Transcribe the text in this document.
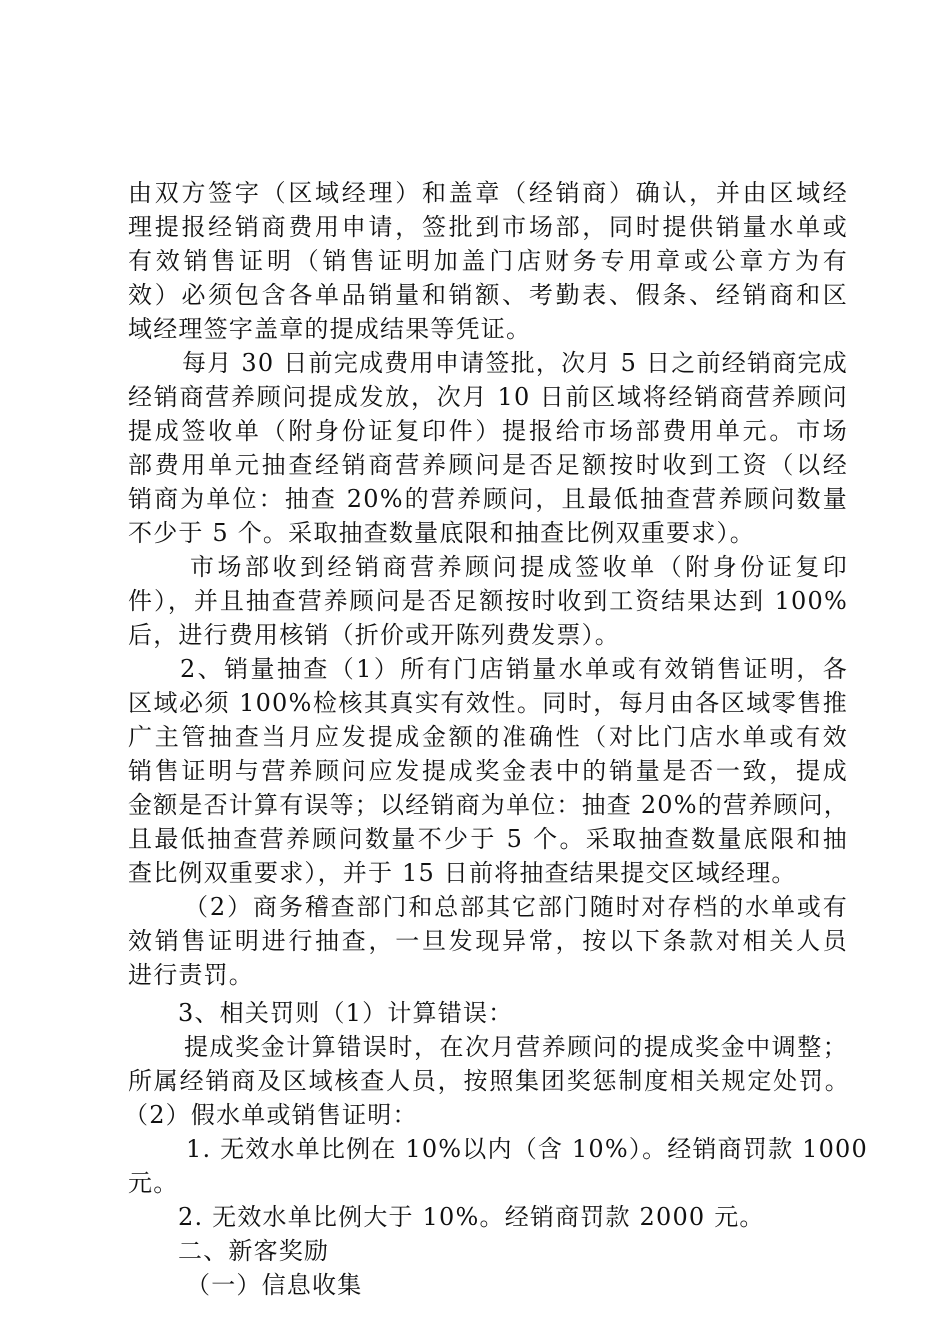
由双方签字（区域经理）和盖章（经销商）确认，并由区域经
理提报经销商费用申请，签批到市场部，同时提供销量水单或
有效销售证明（销售证明加盖门店财务专用章或公章方为有
效）必须包含各单品销量和销额、考勤表、假条、经销商和区
域经理签字盖章的提成结果等凭证。
每月 30 日前完成费用申请签批，次月 5 日之前经销商完成
经销商营养顾问提成发放，次月 10 日前区域将经销商营养顾问
提成签收单（附身份证复印件）提报给市场部费用单元。市场
部费用单元抽查经销商营养顾问是否足额按时收到工资（以经
销商为单位：抽查 20%的营养顾问，且最低抽查营养顾问数量
不少于 5 个。采取抽查数量底限和抽查比例双重要求）。
市场部收到经销商营养顾问提成签收单（附身份证复印
件），并且抽查营养顾问是否足额按时收到工资结果达到 100%
后，进行费用核销（折价或开陈列费发票）。
2、销量抽查（1）所有门店销量水单或有效销售证明，各
区域必须 100%检核其真实有效性。同时，每月由各区域零售推
广主管抽查当月应发提成金额的准确性（对比门店水单或有效
销售证明与营养顾问应发提成奖金表中的销量是否一致，提成
金额是否计算有误等；以经销商为单位：抽查 20%的营养顾问，
且最低抽查营养顾问数量不少于 5 个。采取抽查数量底限和抽
查比例双重要求），并于 15 日前将抽查结果提交区域经理。
（2）商务稽查部门和总部其它部门随时对存档的水单或有
效销售证明进行抽查，一旦发现异常，按以下条款对相关人员
进行责罚。
3、相关罚则（1）计算错误：
提成奖金计算错误时，在次月营养顾问的提成奖金中调整；
所属经销商及区域核查人员，按照集团奖惩制度相关规定处罚。
（2）假水单或销售证明：
1. 无效水单比例在 10%以内（含 10%）。经销商罚款 1000
元。
2. 无效水单比例大于 10%。经销商罚款 2000 元。
二、新客奖励
（一）信息收集
